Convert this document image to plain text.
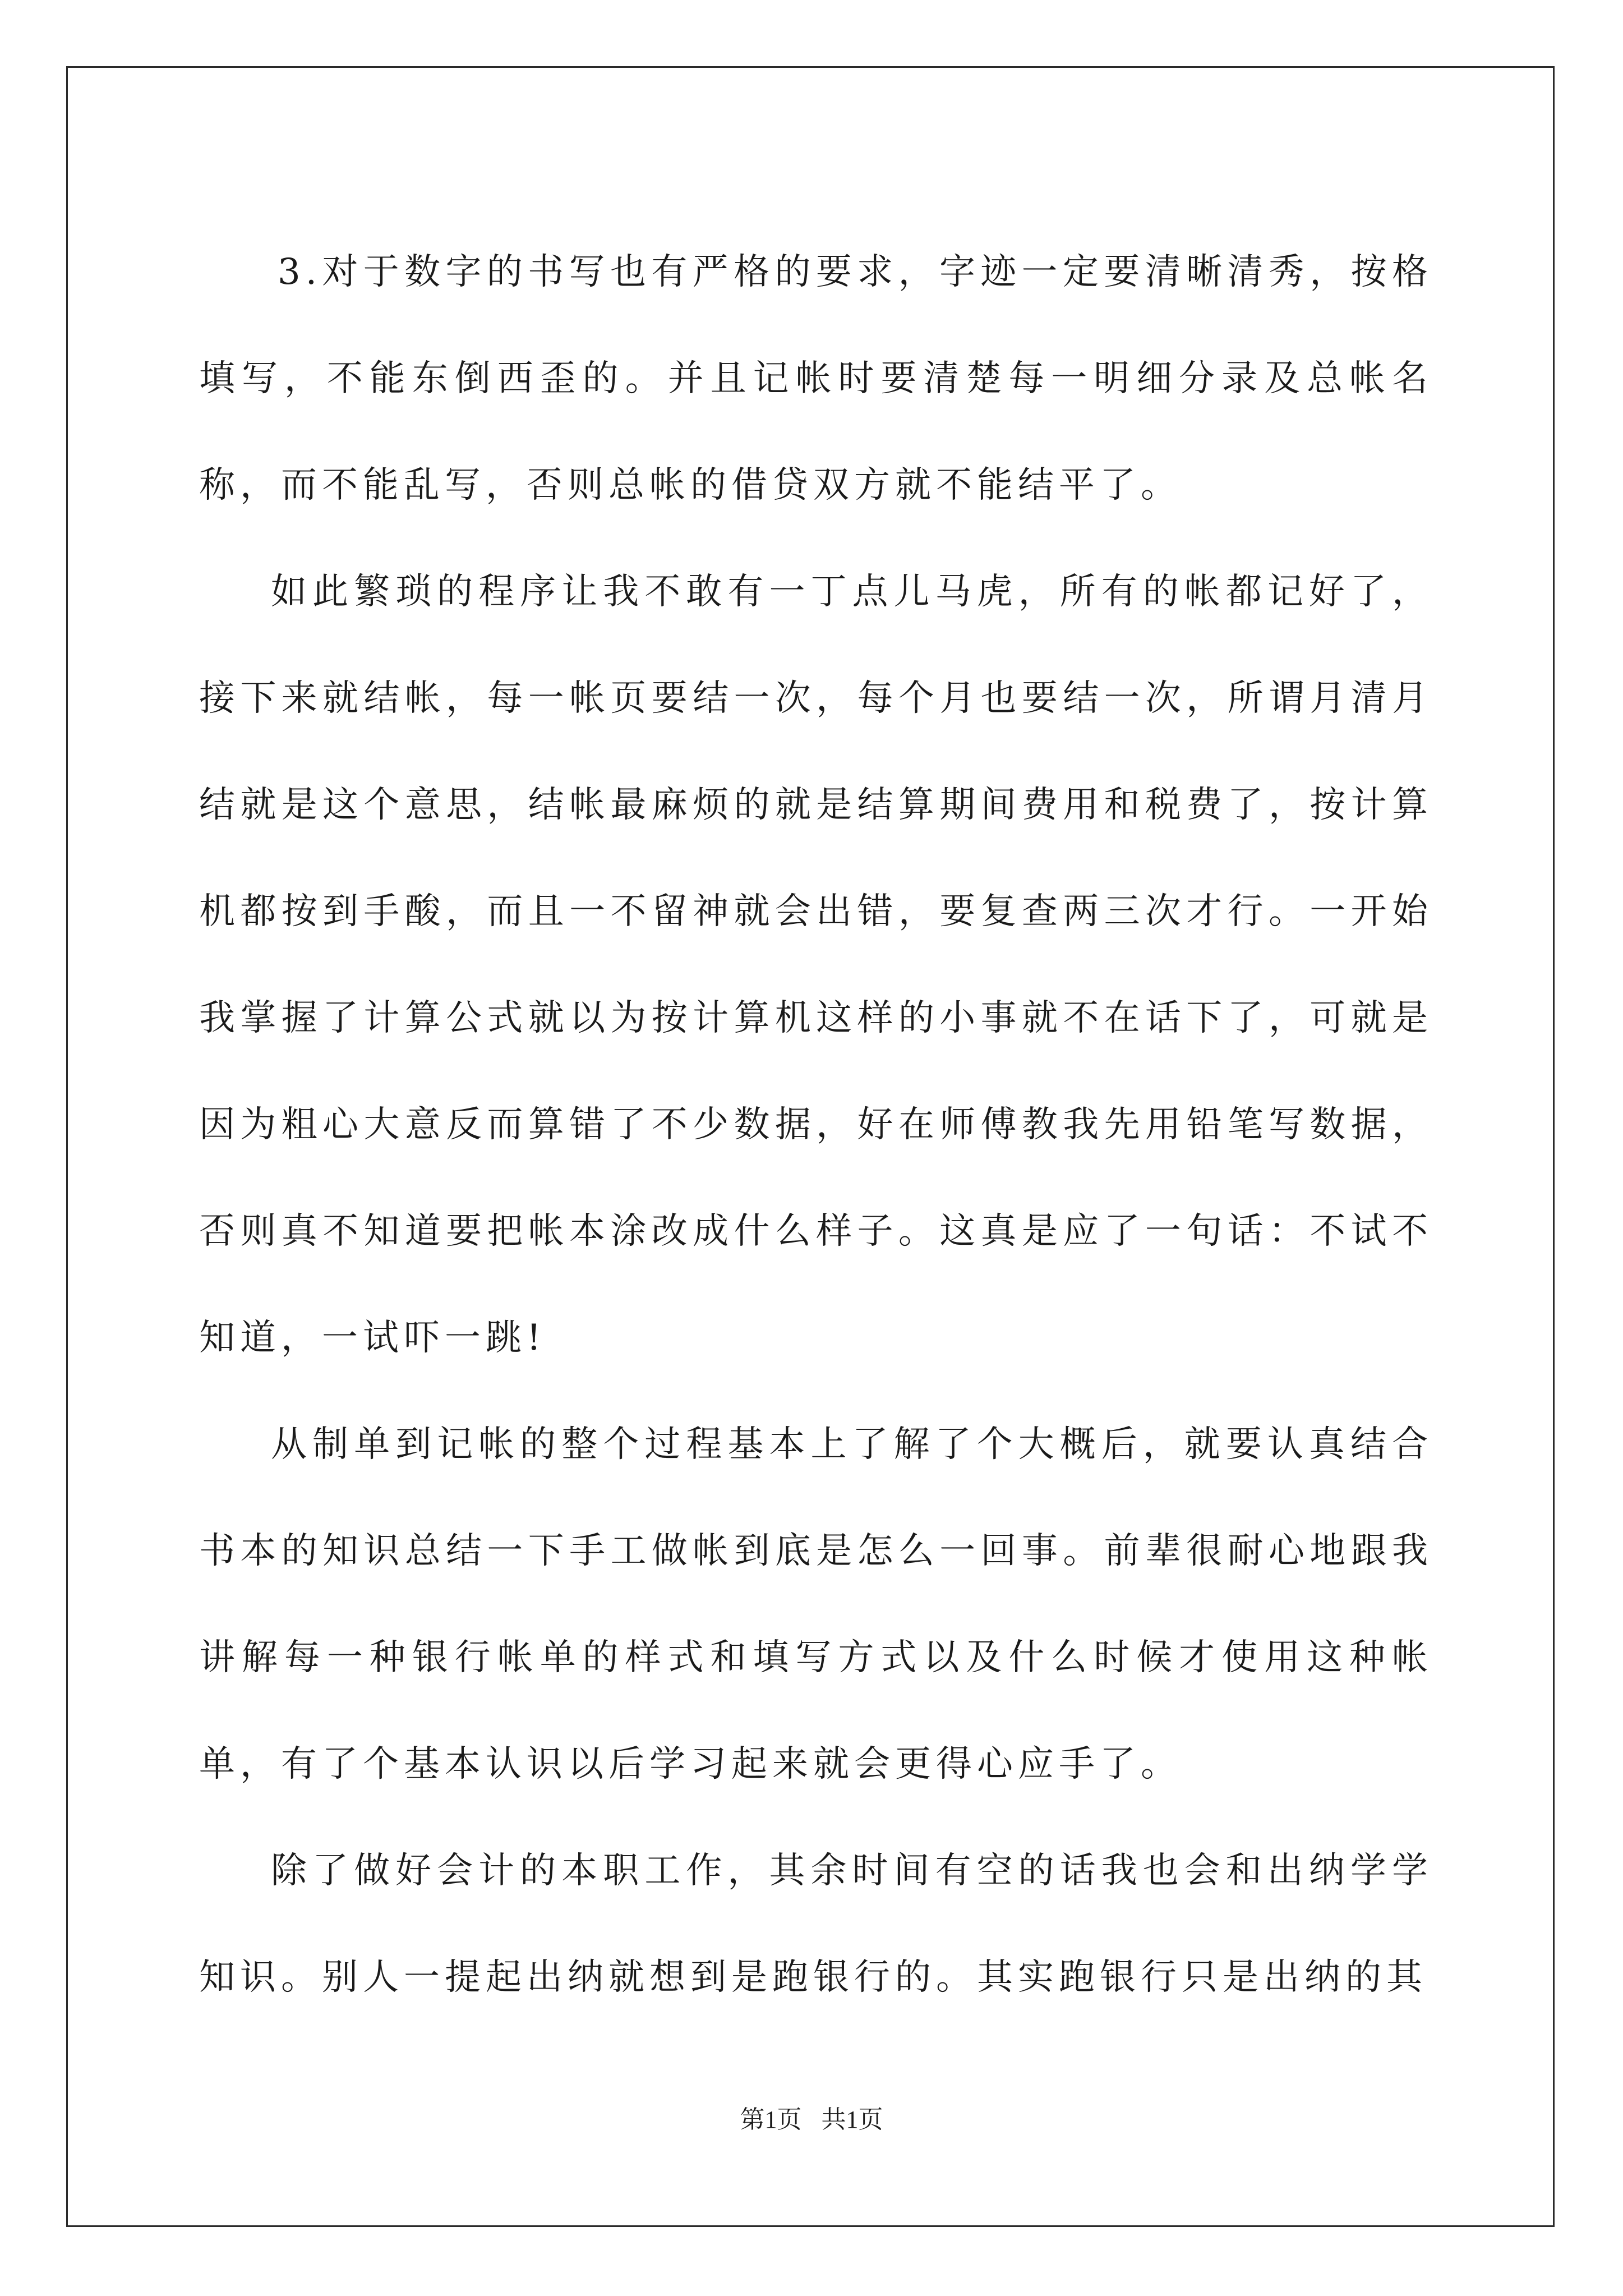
3.对于数字的书写也有严格的要求，字迹一定要清晰清秀，按格填写，不能东倒西歪的。并且记帐时要清楚每一明细分录及总帐名称，而不能乱写，否则总帐的借贷双方就不能结平了。

如此繁琐的程序让我不敢有一丁点儿马虎，所有的帐都记好了，接下来就结帐，每一帐页要结一次，每个月也要结一次，所谓月清月结就是这个意思，结帐最麻烦的就是结算期间费用和税费了，按计算机都按到手酸，而且一不留神就会出错，要复查两三次才行。一开始我掌握了计算公式就以为按计算机这样的小事就不在话下了，可就是因为粗心大意反而算错了不少数据，好在师傅教我先用铅笔写数据，否则真不知道要把帐本涂改成什么样子。这真是应了一句话：不试不知道，一试吓一跳!

从制单到记帐的整个过程基本上了解了个大概后，就要认真结合书本的知识总结一下手工做帐到底是怎么一回事。前辈很耐心地跟我讲解每一种银行帐单的样式和填写方式以及什么时候才使用这种帐单，有了个基本认识以后学习起来就会更得心应手了。

除了做好会计的本职工作，其余时间有空的话我也会和出纳学学知识。别人一提起出纳就想到是跑银行的。其实跑银行只是出纳的其

第1页 共1页
